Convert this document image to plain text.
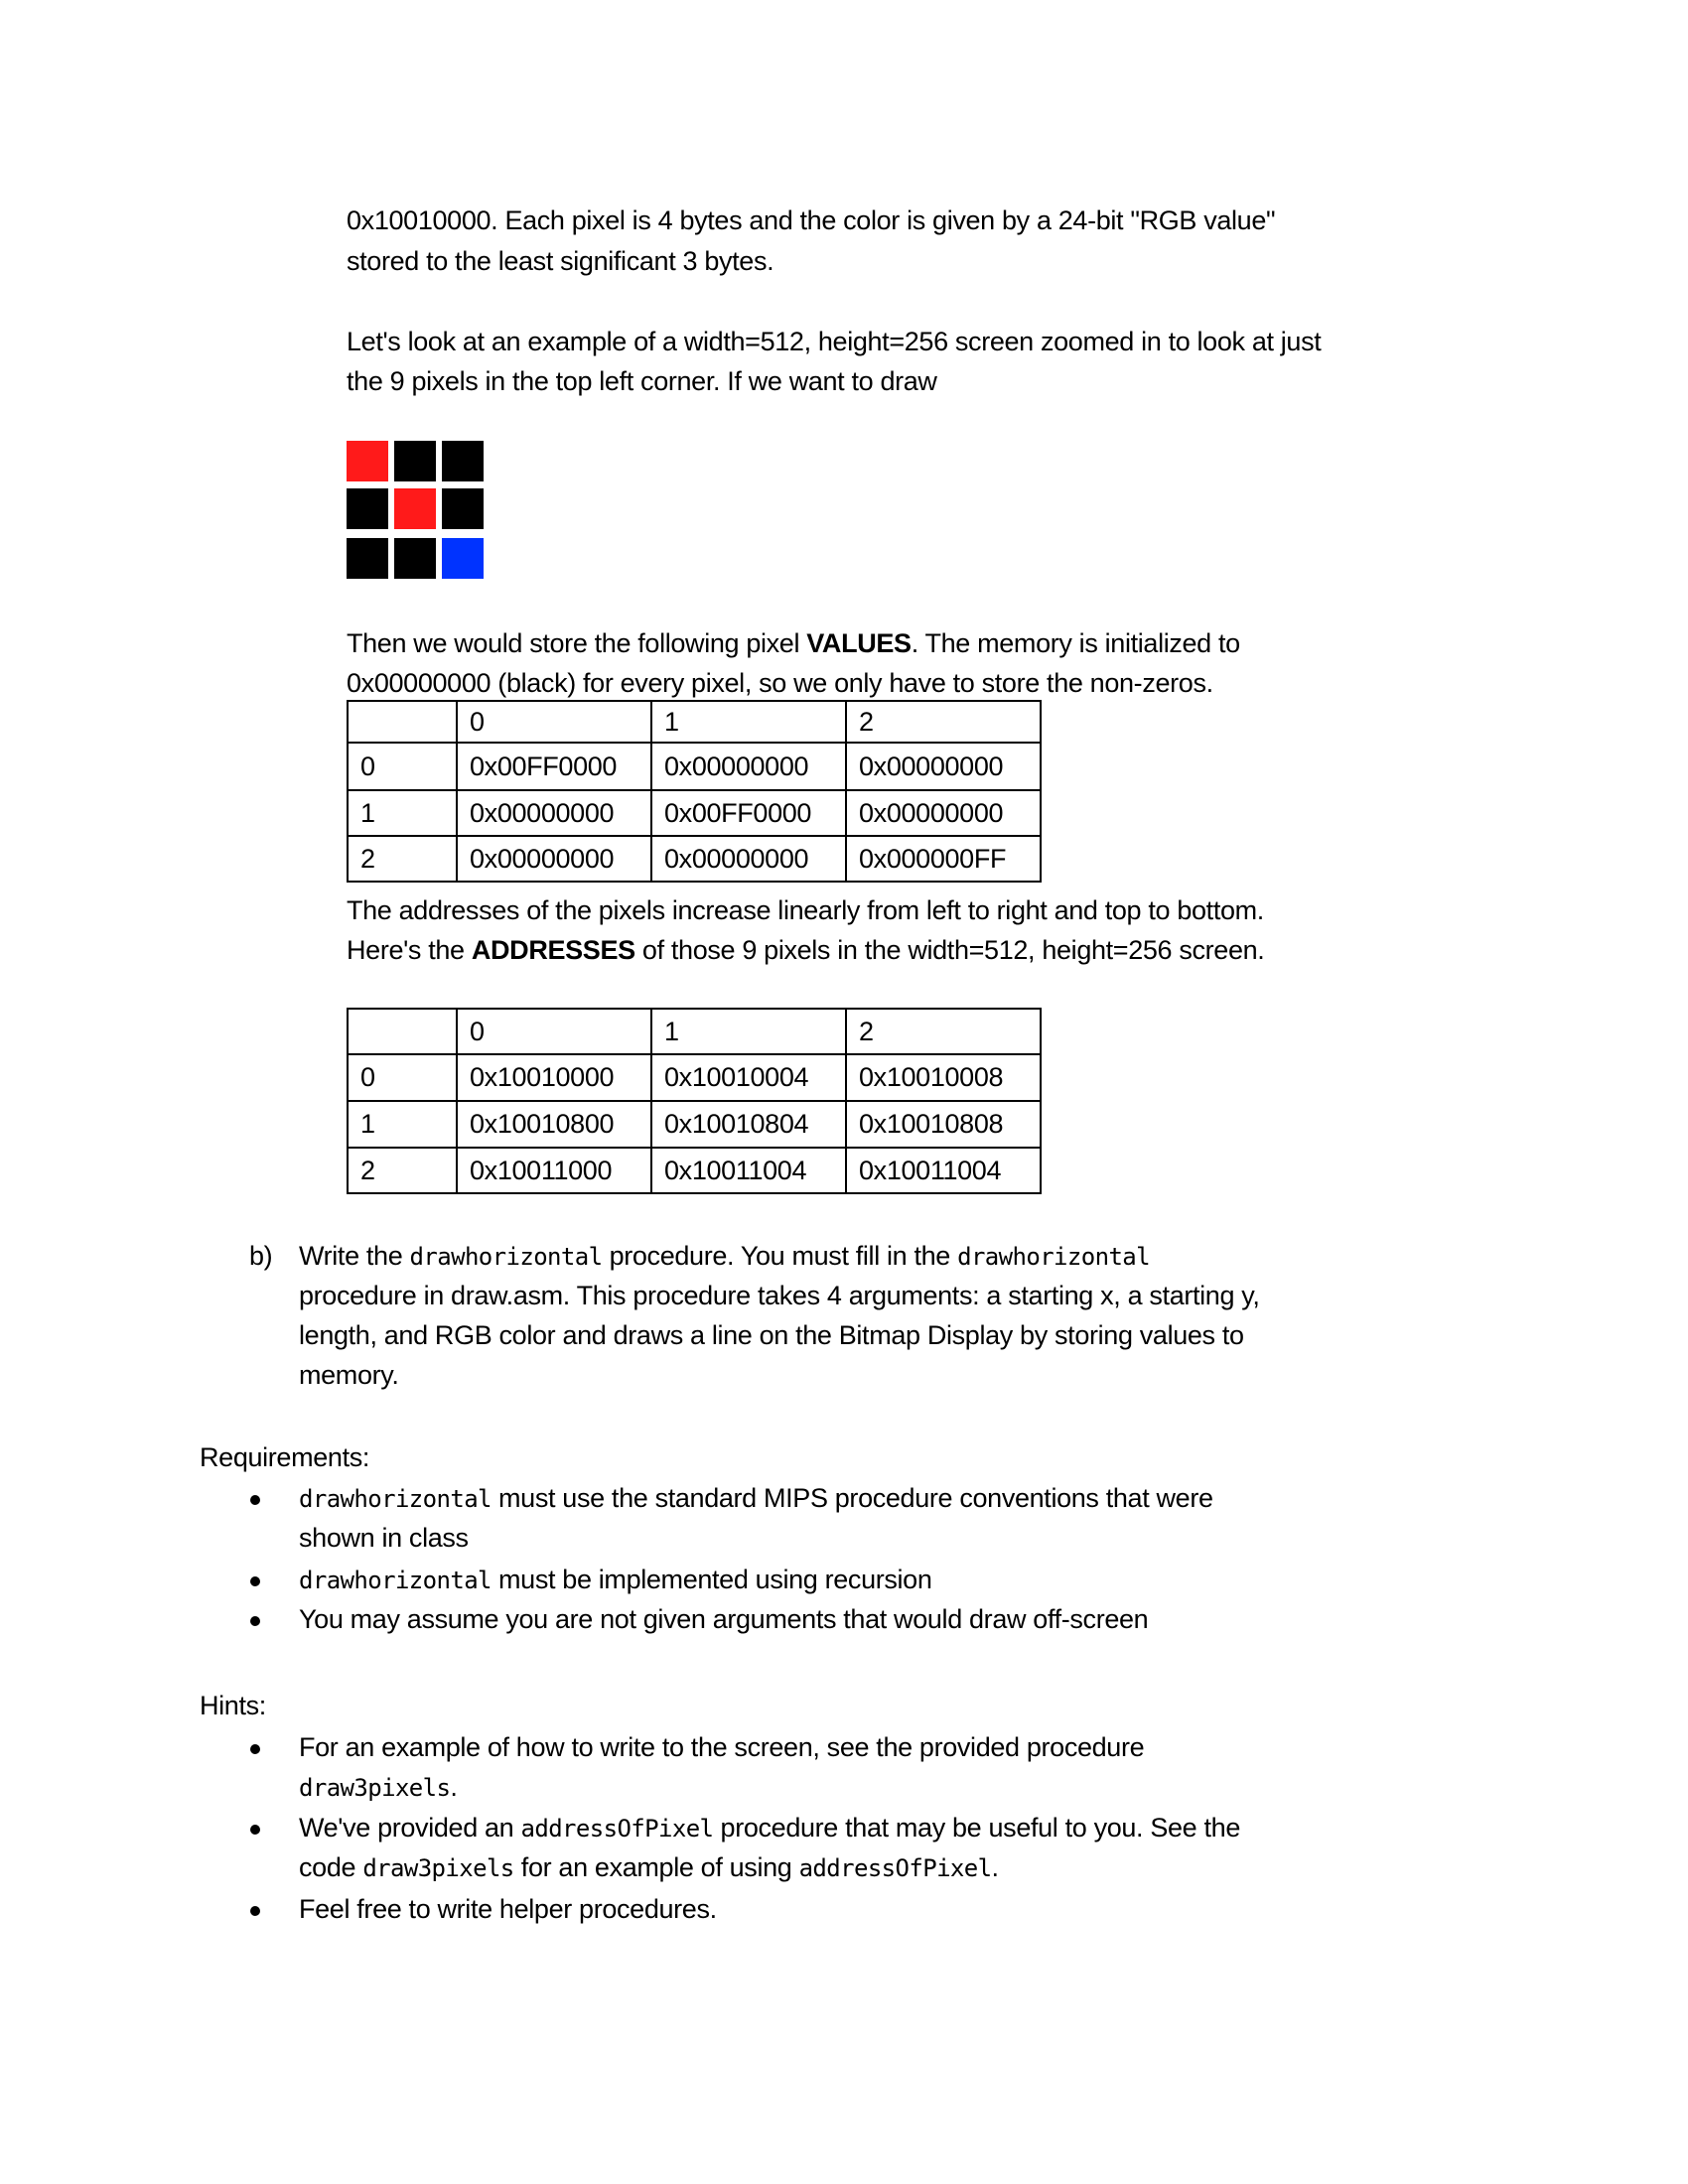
0x10010000. Each pixel is 4 bytes and the color is given by a 24-bit "RGB value"
stored to the least significant 3 bytes.
Let's look at an example of a width=512, height=256 screen zoomed in to look at just
the 9 pixels in the top left corner. If we want to draw
Then we would store the following pixel VALUES. The memory is initialized to
0x00000000 (black) for every pixel, so we only have to store the non-zeros.
	0	1	2
0	0x00FF0000	0x00000000	0x00000000
1	0x00000000	0x00FF0000	0x00000000
2	0x00000000	0x00000000	0x000000FF
The addresses of the pixels increase linearly from left to right and top to bottom.
Here's the ADDRESSES of those 9 pixels in the width=512, height=256 screen.
	0	1	2
0	0x10010000	0x10010004	0x10010008
1	0x10010800	0x10010804	0x10010808
2	0x10011000	0x10011004	0x10011004
b) Write the drawhorizontal procedure. You must fill in the drawhorizontal
procedure in draw.asm. This procedure takes 4 arguments: a starting x, a starting y,
length, and RGB color and draws a line on the Bitmap Display by storing values to
memory.
Requirements:
drawhorizontal must use the standard MIPS procedure conventions that were
shown in class
drawhorizontal must be implemented using recursion
You may assume you are not given arguments that would draw off-screen
Hints:
For an example of how to write to the screen, see the provided procedure
draw3pixels.
We've provided an addressOfPixel procedure that may be useful to you. See the
code draw3pixels for an example of using addressOfPixel.
Feel free to write helper procedures.
